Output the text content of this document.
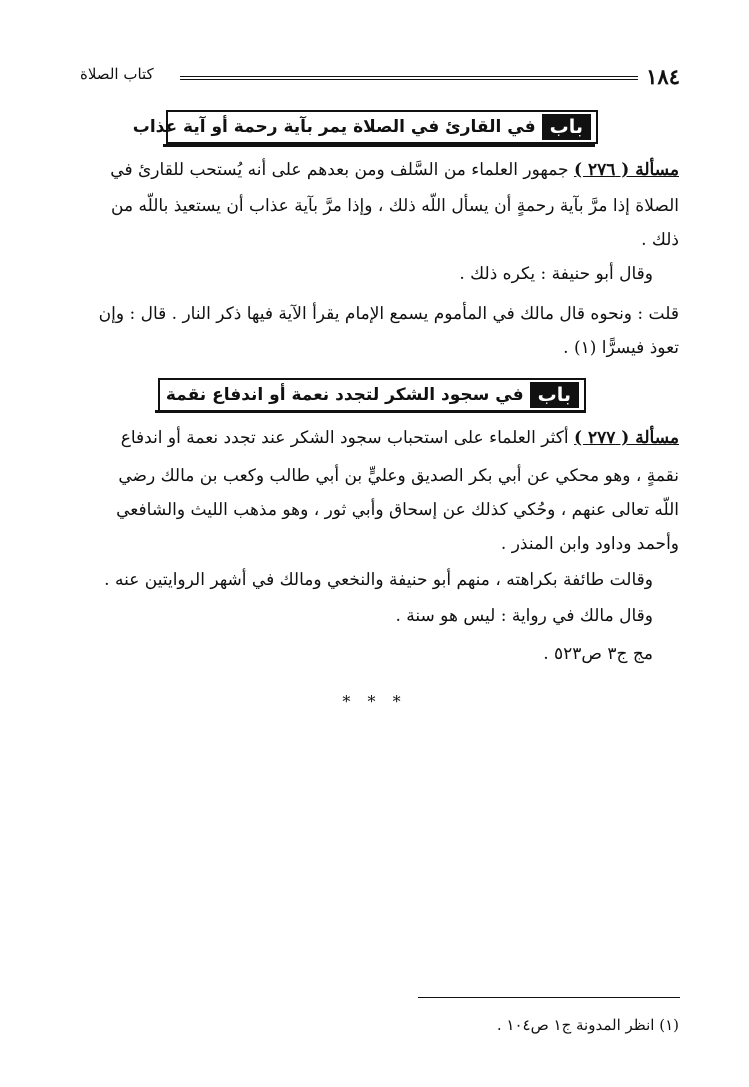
١٨٤
كتاب الصلاة
باب
في القارئ في الصلاة يمر بآية رحمة أو آية عذاب
مسألة ( ٢٧٦ ) جمهور العلماء من السَّلف ومن بعدهم على أنه يُستحب للقارئ في
الصلاة إذا مرَّ بآية رحمةٍ أن يسأل اللّه ذلك ، وإذا مرَّ بآية عذاب أن يستعيذ باللّه من
ذلك .
وقال أبو حنيفة : يكره ذلك .
قلت : ونحوه قال مالك في المأموم يسمع الإمام يقرأ الآية فيها ذكر النار . قال : وإن
تعوذ فيسرًّا (١) .
باب
في سجود الشكر لتجدد نعمة أو اندفاع نقمة
مسألة ( ٢٧٧ ) أكثر العلماء على استحباب سجود الشكر عند تجدد نعمة أو اندفاع
نقمةٍ ، وهو محكي عن أبي بكر الصديق وعليٍّ بن أبي طالب وكعب بن مالك رضي
اللّه تعالى عنهم ، وحُكي كذلك عن إسحاق وأبي ثور ، وهو مذهب الليث والشافعي
وأحمد وداود وابن المنذر .
وقالت طائفة بكراهته ، منهم أبو حنيفة والنخعي ومالك في أشهر الروايتين عنه .
وقال مالك في رواية : ليس هو سنة .
مج ج٣ ص٥٢٣ .
* * *
(١) انظر المدونة ج١ ص١٠٤ .
